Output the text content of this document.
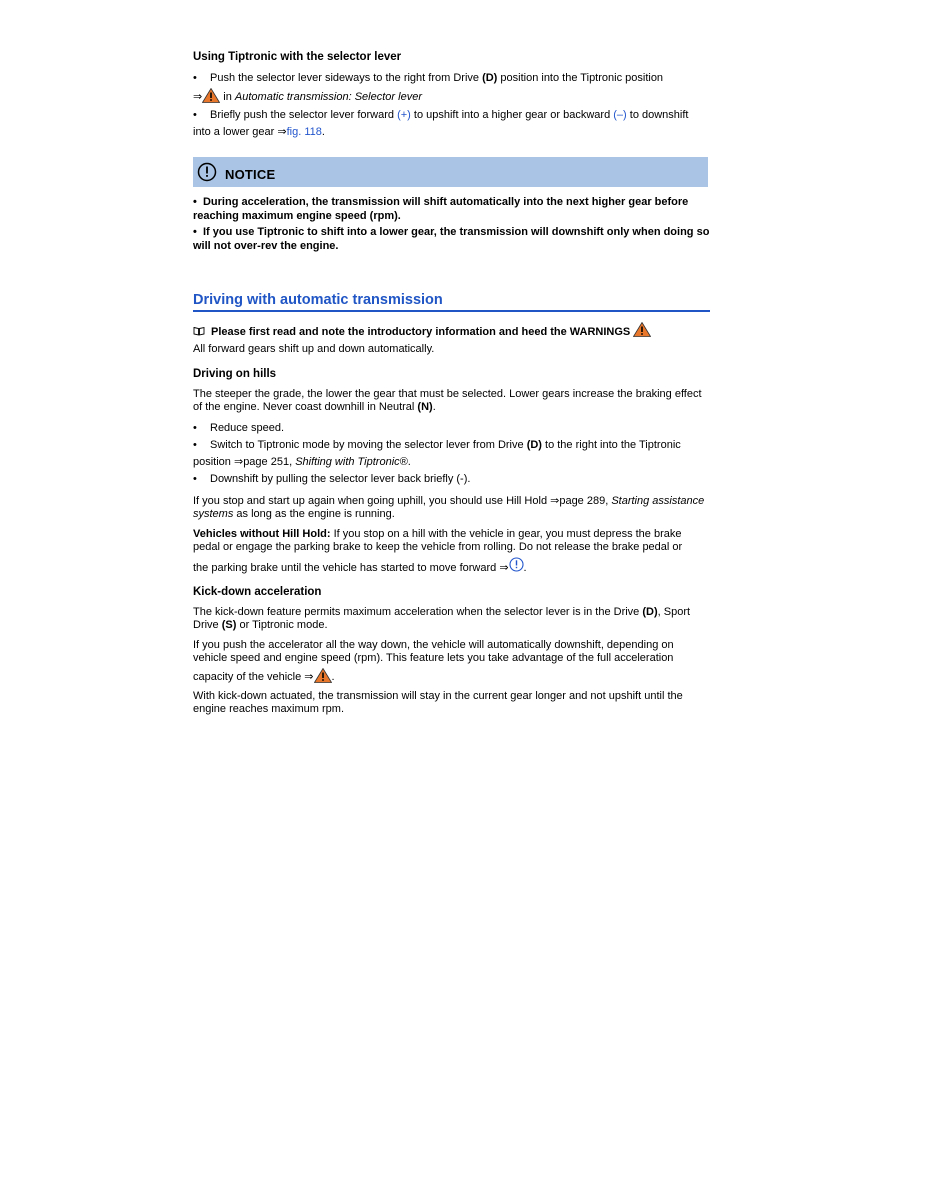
Using Tiptronic with the selector lever

• Push the selector lever sideways to the right from Drive (D) position into the Tiptronic position

⇒ in Automatic transmission: Selector lever

• Briefly push the selector lever forward (+) to upshift into a higher gear or backward (–) to downshift

into a lower gear ⇒fig. 118.

NOTICE
•  During acceleration, the transmission will shift automatically into the next higher gear before reaching maximum engine speed (rpm).
•  If you use Tiptronic to shift into a lower gear, the transmission will downshift only when doing so will not over-rev the engine.
Driving with automatic transmission

Please first read and note the introductory information and heed the WARNINGS

All forward gears shift up and down automatically.

Driving on hills

The steeper the grade, the lower the gear that must be selected. Lower gears increase the braking effect of the engine. Never coast downhill in Neutral (N).

• Reduce speed.
• Switch to Tiptronic mode by moving the selector lever from Drive (D) to the right into the Tiptronic

position ⇒page 251, Shifting with Tiptronic®.

• Downshift by pulling the selector lever back briefly (-).

If you stop and start up again when going uphill, you should use Hill Hold ⇒page 289, Starting assistance systems as long as the engine is running.

Vehicles without Hill Hold: If you stop on a hill with the vehicle in gear, you must depress the brake pedal or engage the parking brake to keep the vehicle from rolling. Do not release the brake pedal or

the parking brake until the vehicle has started to move forward ⇒ .

Kick-down acceleration

The kick-down feature permits maximum acceleration when the selector lever is in the Drive (D), Sport Drive (S) or Tiptronic mode.

If you push the accelerator all the way down, the vehicle will automatically downshift, depending on vehicle speed and engine speed (rpm). This feature lets you take advantage of the full acceleration

capacity of the vehicle ⇒ .

With kick-down actuated, the transmission will stay in the current gear longer and not upshift until the engine reaches maximum rpm.
